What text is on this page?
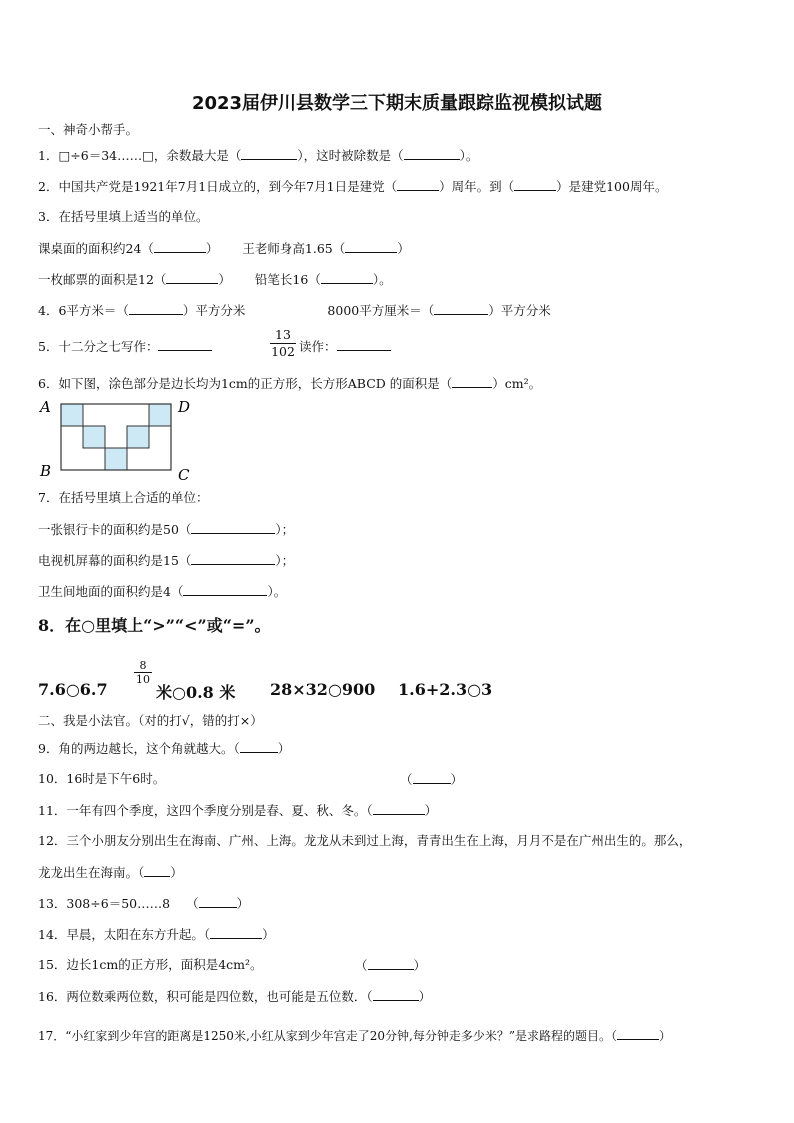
2023届伊川县数学三下期末质量跟踪监视模拟试题
一、神奇小帮手。
1．□÷6＝34……□，余数最大是（	），这时被除数是（	）。
2．中国共产党是1921年7月1日成立的，到今年7月1日是建党（	）周年。到（	）是建党100周年。
3．在括号里填上适当的单位。
课桌面的面积约24（	） 王老师身高1.65（	）
一枚邮票的面积是12（	） 铅笔长16（	）。
4．6平方米＝（	）平方分米	8000平方厘米＝（	）平方分米
5．十二分之七写作：
13
102 读作：
6．如下图，涂色部分是边长均为1cm的正方形，长方形ABCD 的面积是（	）cm²。
A	D
B	C
7．在括号里填上合适的单位：
一张银行卡的面积约是50（	）；
电视机屏幕的面积约是15（	）；
卫生间地面的面积约是4（	）。
8．在○里填上“>”“<”或“=”。
7.6○6.7	米○0.8 米 28×32○900 1.6+2.3○3
8
10
二、我是小法官。（对的打√，错的打×）
9．角的两边越长，这个角就越大。（	）
10．16时是下午6时。	（	）
11．一年有四个季度，这四个季度分别是春、夏、秋、冬。（	）
12．三个小朋友分别出生在海南、广州、上海。龙龙从未到过上海，青青出生在上海，月月不是在广州出生的。那么，
龙龙出生在海南。（ ）
13．308÷6＝50……8 （	）
14．早晨，太阳在东方升起。（	）
15．边长1cm的正方形，面积是4cm²。	（	）
16．两位数乘两位数，积可能是四位数，也可能是五位数．（	）
17．“小红家到少年宫的距离是1250米,小红从家到少年宫走了20分钟,每分钟走多少米？”是求路程的题目。（	）
